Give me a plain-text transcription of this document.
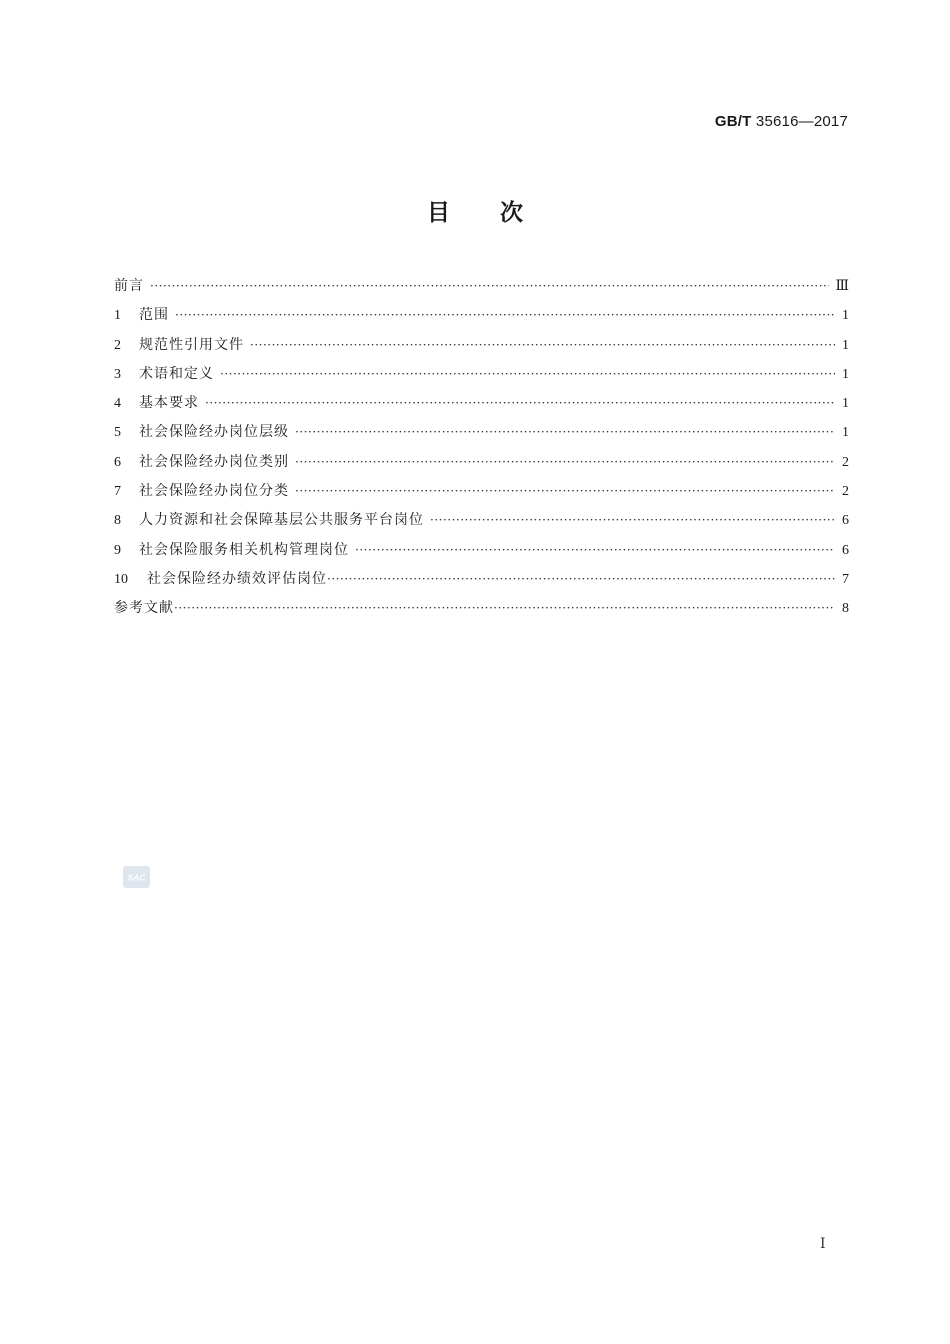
GB/T 35616—2017
目 次
前言 ·····	Ⅲ
1	范围 ·····	1
2	规范性引用文件 ·····	1
3	术语和定义 ·····	1
4	基本要求 ·····	1
5	社会保险经办岗位层级 ·····	1
6	社会保险经办岗位类别 ·····	2
7	社会保险经办岗位分类 ·····	2
8	人力资源和社会保障基层公共服务平台岗位 ·····	6
9	社会保险服务相关机构管理岗位 ·····	6
10	社会保险经办绩效评估岗位 ·····	7
参考文献 ·····	8
SAC
Ⅰ
